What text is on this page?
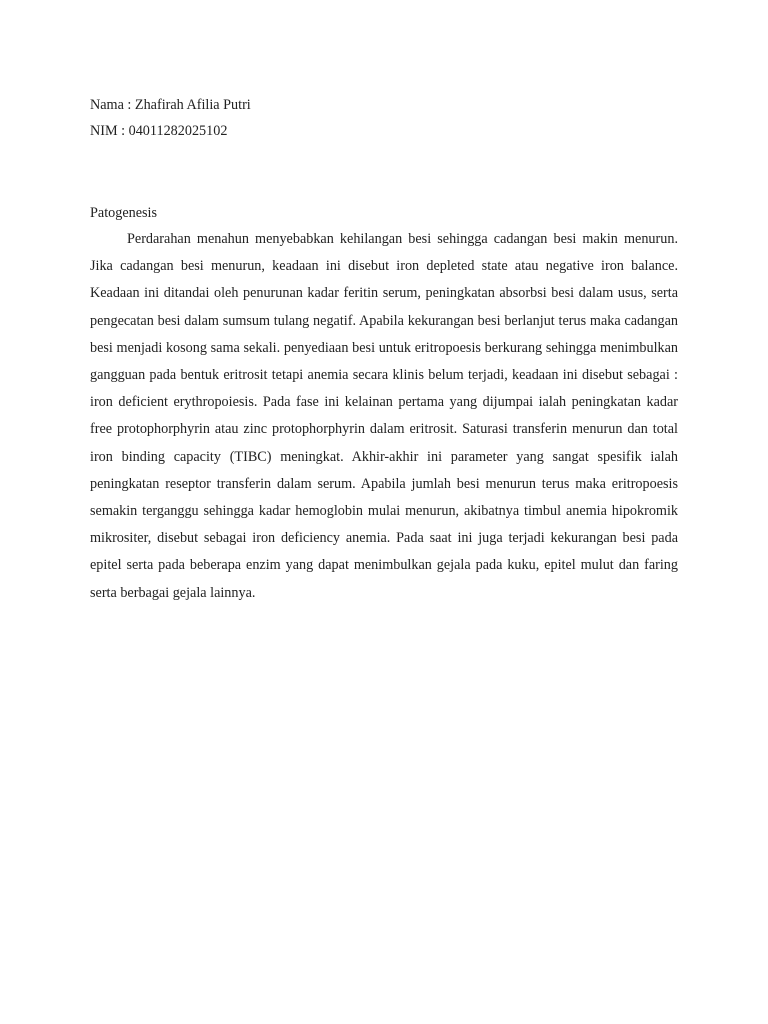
Nama : Zhafirah Afilia Putri

NIM : 04011282025102

Patogenesis

Perdarahan menahun menyebabkan kehilangan besi sehingga cadangan besi makin menurun. Jika cadangan besi menurun, keadaan ini disebut iron depleted state atau negative iron balance. Keadaan ini ditandai oleh penurunan kadar feritin serum, peningkatan absorbsi besi dalam usus, serta pengecatan besi dalam sumsum tulang negatif. Apabila kekurangan besi berlanjut terus maka cadangan besi menjadi kosong sama sekali. penyediaan besi untuk eritropoesis berkurang sehingga menimbulkan gangguan pada bentuk eritrosit tetapi anemia secara klinis belum terjadi, keadaan ini disebut sebagai : iron deficient erythropoiesis. Pada fase ini kelainan pertama yang dijumpai ialah peningkatan kadar free protophorphyrin atau zinc protophorphyrin dalam eritrosit. Saturasi transferin menurun dan total iron binding capacity (TIBC) meningkat. Akhir-akhir ini parameter yang sangat spesifik ialah peningkatan reseptor transferin dalam serum. Apabila jumlah besi menurun terus maka eritropoesis semakin terganggu sehingga kadar hemoglobin mulai menurun, akibatnya timbul anemia hipokromik mikrositer, disebut sebagai iron deficiency anemia. Pada saat ini juga terjadi kekurangan besi pada epitel serta pada beberapa enzim yang dapat menimbulkan gejala pada kuku, epitel mulut dan faring serta berbagai gejala lainnya.
